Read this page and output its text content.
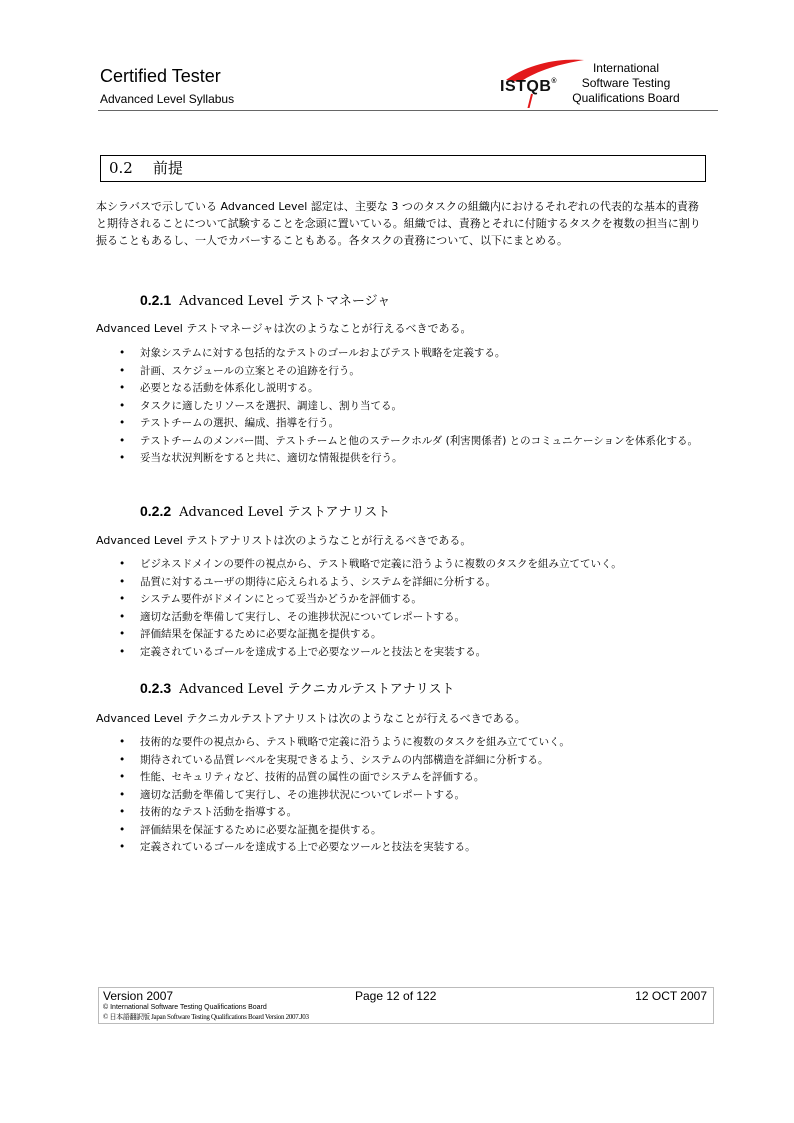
Certified Tester
Advanced Level Syllabus
ISTQB®
International
Software Testing
Qualifications Board
0.2 前提
本シラバスで示している Advanced Level 認定は、主要な 3 つのタスクの組織内におけるそれぞれの代表的な基本的責務と期待されることについて試験することを念頭に置いている。組織では、責務とそれに付随するタスクを複数の担当に割り振ることもあるし、一人でカバーすることもある。各タスクの責務について、以下にまとめる。
0.2.1 Advanced Level テストマネージャ
Advanced Level テストマネージャは次のようなことが行えるべきである。
• 対象システムに対する包括的なテストのゴールおよびテスト戦略を定義する。
• 計画、スケジュールの立案とその追跡を行う。
• 必要となる活動を体系化し説明する。
• タスクに適したリソースを選択、調達し、割り当てる。
• テストチームの選択、編成、指導を行う。
• テストチームのメンバー間、テストチームと他のステークホルダ (利害関係者) とのコミュニケーションを体系化する。
• 妥当な状況判断をすると共に、適切な情報提供を行う。
0.2.2 Advanced Level テストアナリスト
Advanced Level テストアナリストは次のようなことが行えるべきである。
• ビジネスドメインの要件の視点から、テスト戦略で定義に沿うように複数のタスクを組み立てていく。
• 品質に対するユーザの期待に応えられるよう、システムを詳細に分析する。
• システム要件がドメインにとって妥当かどうかを評価する。
• 適切な活動を準備して実行し、その進捗状況についてレポートする。
• 評価結果を保証するために必要な証拠を提供する。
• 定義されているゴールを達成する上で必要なツールと技法とを実装する。
0.2.3 Advanced Level テクニカルテストアナリスト
Advanced Level テクニカルテストアナリストは次のようなことが行えるべきである。
• 技術的な要件の視点から、テスト戦略で定義に沿うように複数のタスクを組み立てていく。
• 期待されている品質レベルを実現できるよう、システムの内部構造を詳細に分析する。
• 性能、セキュリティなど、技術的品質の属性の面でシステムを評価する。
• 適切な活動を準備して実行し、その進捗状況についてレポートする。
• 技術的なテスト活動を指導する。
• 評価結果を保証するために必要な証拠を提供する。
• 定義されているゴールを達成する上で必要なツールと技法を実装する。
Version 2007	Page 12 of 122	12 OCT 2007
© International Software Testing Qualifications Board
© 日本語翻訳版 Japan Software Testing Qualifications Board Version 2007.J03
